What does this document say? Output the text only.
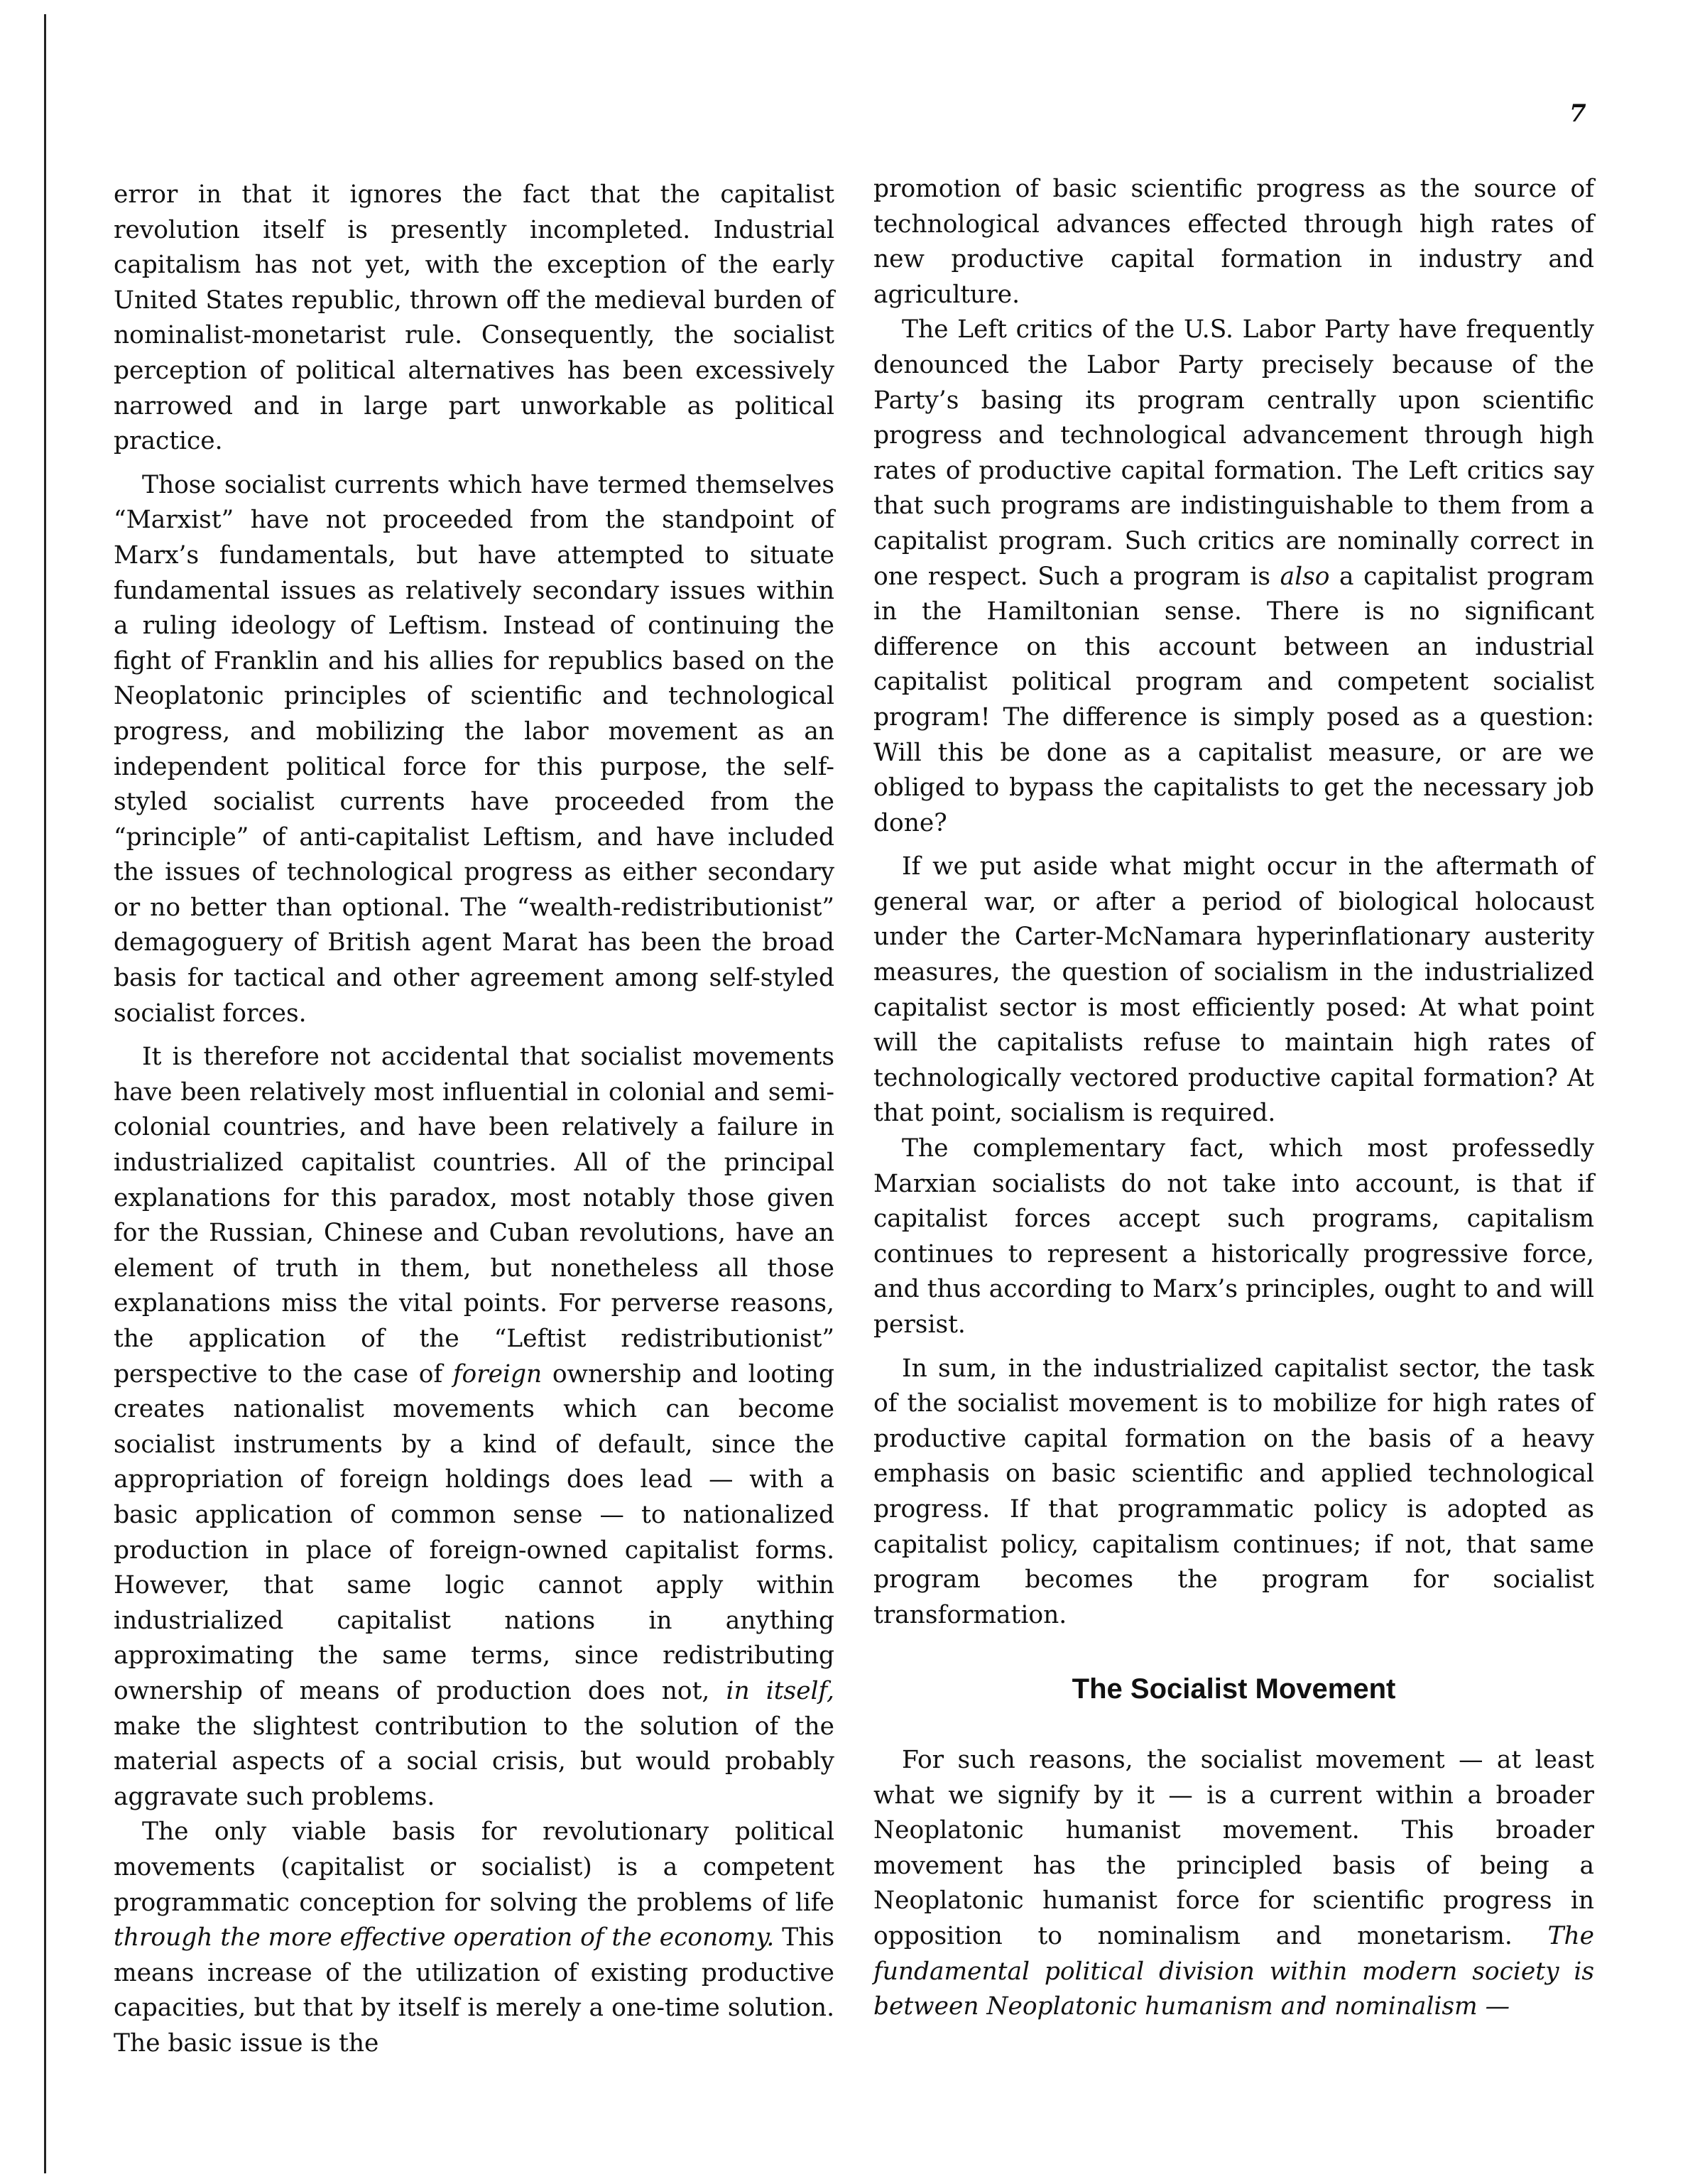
7

error in that it ignores the fact that the capitalist revolution itself is presently incompleted. Industrial capitalism has not yet, with the exception of the early United States republic, thrown off the medieval burden of nominalist-monetarist rule. Consequently, the socialist perception of political alternatives has been excessively narrowed and in large part unworkable as political practice.

Those socialist currents which have termed themselves “Marxist” have not proceeded from the standpoint of Marx’s fundamentals, but have attempted to situate fundamental issues as relatively secondary issues within a ruling ideology of Leftism. Instead of continuing the fight of Franklin and his allies for republics based on the Neoplatonic principles of scientific and technological progress, and mobilizing the labor movement as an independent political force for this purpose, the self-styled socialist currents have proceeded from the “principle” of anti-capitalist Leftism, and have included the issues of technological progress as either secondary or no better than optional. The “wealth-redistributionist” demagoguery of British agent Marat has been the broad basis for tactical and other agreement among self-styled socialist forces.

It is therefore not accidental that socialist movements have been relatively most influential in colonial and semi-colonial countries, and have been relatively a failure in industrialized capitalist countries. All of the principal explanations for this paradox, most notably those given for the Russian, Chinese and Cuban revolutions, have an element of truth in them, but nonetheless all those explanations miss the vital points. For perverse reasons, the application of the “Leftist redistributionist” perspective to the case of foreign ownership and looting creates nationalist movements which can become socialist instruments by a kind of default, since the appropriation of foreign holdings does lead — with a basic application of common sense — to nationalized production in place of foreign-owned capitalist forms. However, that same logic cannot apply within industrialized capitalist nations in anything approximating the same terms, since redistributing ownership of means of production does not, in itself, make the slightest contribution to the solution of the material aspects of a social crisis, but would probably aggravate such problems.

The only viable basis for revolutionary political movements (capitalist or socialist) is a competent programmatic conception for solving the problems of life through the more effective operation of the economy. This means increase of the utilization of existing productive capacities, but that by itself is merely a one-time solution. The basic issue is the

promotion of basic scientific progress as the source of technological advances effected through high rates of new productive capital formation in industry and agriculture.

The Left critics of the U.S. Labor Party have frequently denounced the Labor Party precisely because of the Party’s basing its program centrally upon scientific progress and technological advancement through high rates of productive capital formation. The Left critics say that such programs are indistinguishable to them from a capitalist program. Such critics are nominally correct in one respect. Such a program is also a capitalist program in the Hamiltonian sense. There is no significant difference on this account between an industrial capitalist political program and competent socialist program! The difference is simply posed as a question: Will this be done as a capitalist measure, or are we obliged to bypass the capitalists to get the necessary job done?

If we put aside what might occur in the aftermath of general war, or after a period of biological holocaust under the Carter-McNamara hyperinflationary austerity measures, the question of socialism in the industrialized capitalist sector is most efficiently posed: At what point will the capitalists refuse to maintain high rates of technologically vectored productive capital formation? At that point, socialism is required.

The complementary fact, which most professedly Marxian socialists do not take into account, is that if capitalist forces accept such programs, capitalism continues to represent a historically progressive force, and thus according to Marx’s principles, ought to and will persist.

In sum, in the industrialized capitalist sector, the task of the socialist movement is to mobilize for high rates of productive capital formation on the basis of a heavy emphasis on basic scientific and applied technological progress. If that programmatic policy is adopted as capitalist policy, capitalism continues; if not, that same program becomes the program for socialist transformation.

The Socialist Movement

For such reasons, the socialist movement — at least what we signify by it — is a current within a broader Neoplatonic humanist movement. This broader movement has the principled basis of being a Neoplatonic humanist force for scientific progress in opposition to nominalism and monetarism. The fundamental political division within modern society is between Neoplatonic humanism and nominalism —
